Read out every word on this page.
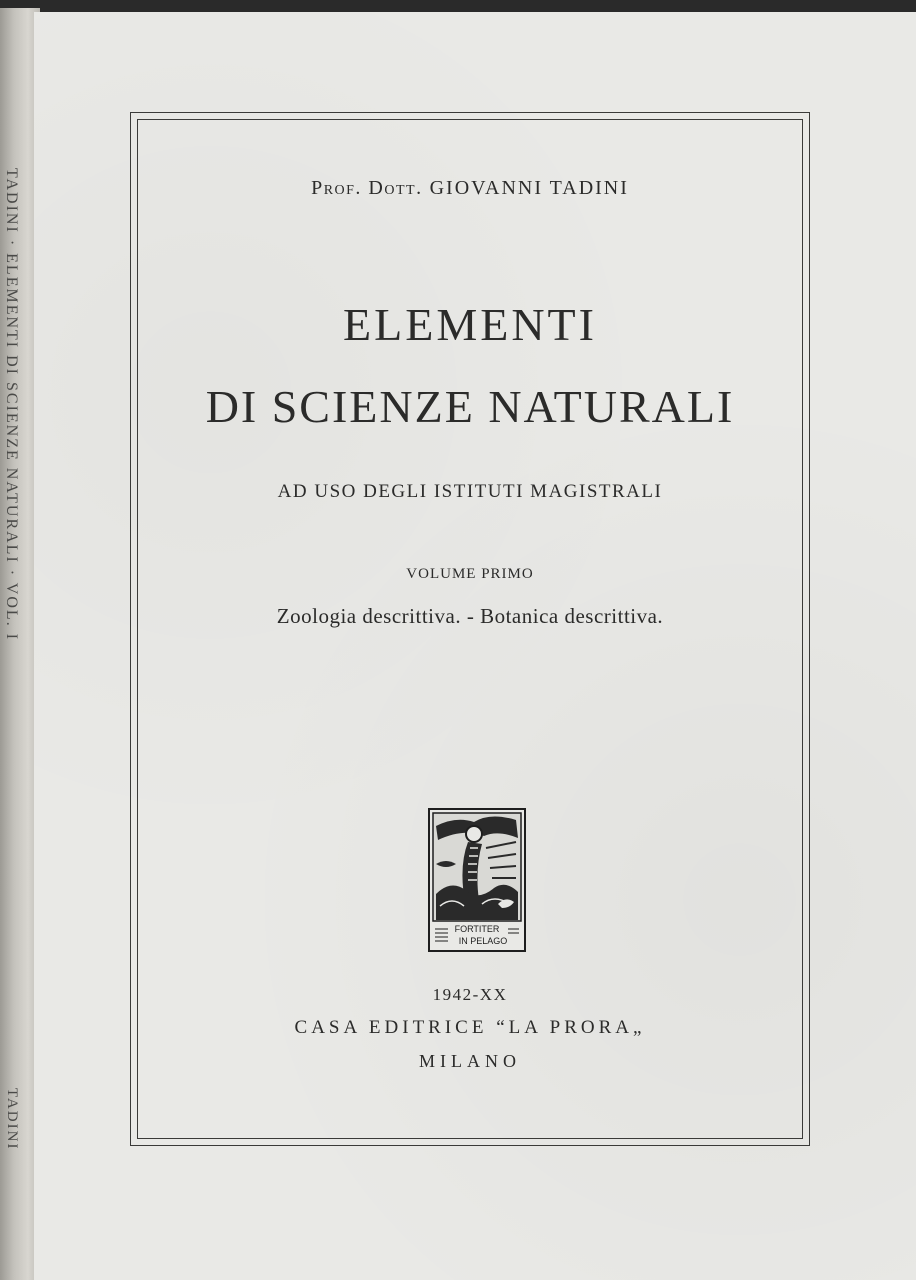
TADINI · ELEMENTI DI SCIENZE NATURALI · VOL. I
TADINI
Prof. Dott. GIOVANNI TADINI
ELEMENTI
DI SCIENZE NATURALI
AD USO DEGLI ISTITUTI MAGISTRALI
VOLUME PRIMO
Zoologia descrittiva. - Botanica descrittiva.
FORTITER
IN PELAGO
1942-XX
CASA EDITRICE “LA PRORA„
MILANO
